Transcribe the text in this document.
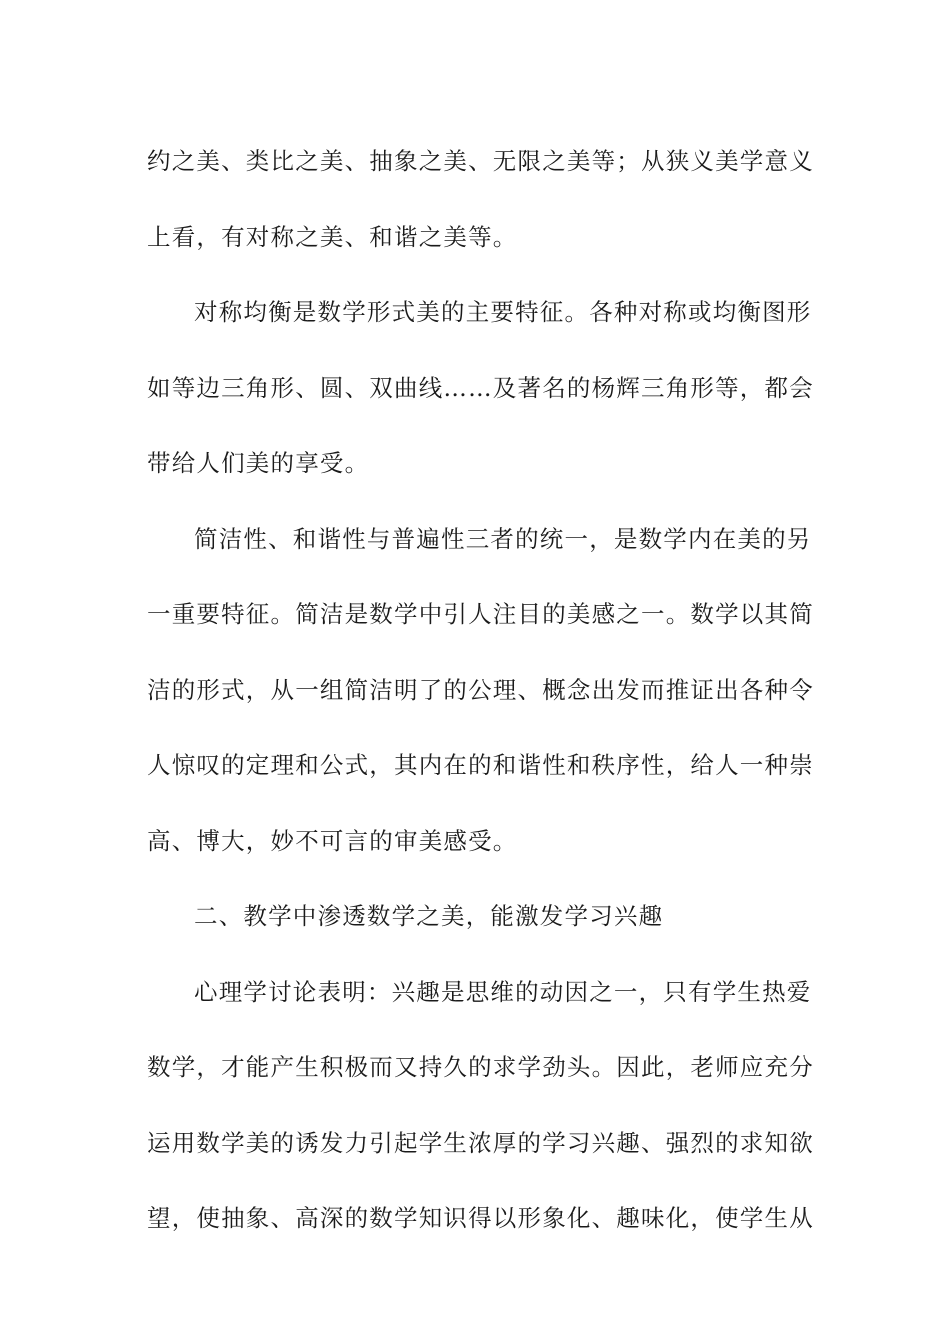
约之美、类比之美、抽象之美、无限之美等；从狭义美学意义
上看，有对称之美、和谐之美等。
对称均衡是数学形式美的主要特征。各种对称或均衡图形
如等边三角形、圆、双曲线……及著名的杨辉三角形等，都会
带给人们美的享受。
简洁性、和谐性与普遍性三者的统一，是数学内在美的另
一重要特征。简洁是数学中引人注目的美感之一。数学以其简
洁的形式，从一组简洁明了的公理、概念出发而推证出各种令
人惊叹的定理和公式，其内在的和谐性和秩序性，给人一种崇
高、博大，妙不可言的审美感受。
二、教学中渗透数学之美，能激发学习兴趣
心理学讨论表明：兴趣是思维的动因之一，只有学生热爱
数学，才能产生积极而又持久的求学劲头。因此，老师应充分
运用数学美的诱发力引起学生浓厚的学习兴趣、强烈的求知欲
望，使抽象、高深的数学知识得以形象化、趣味化，使学生从
